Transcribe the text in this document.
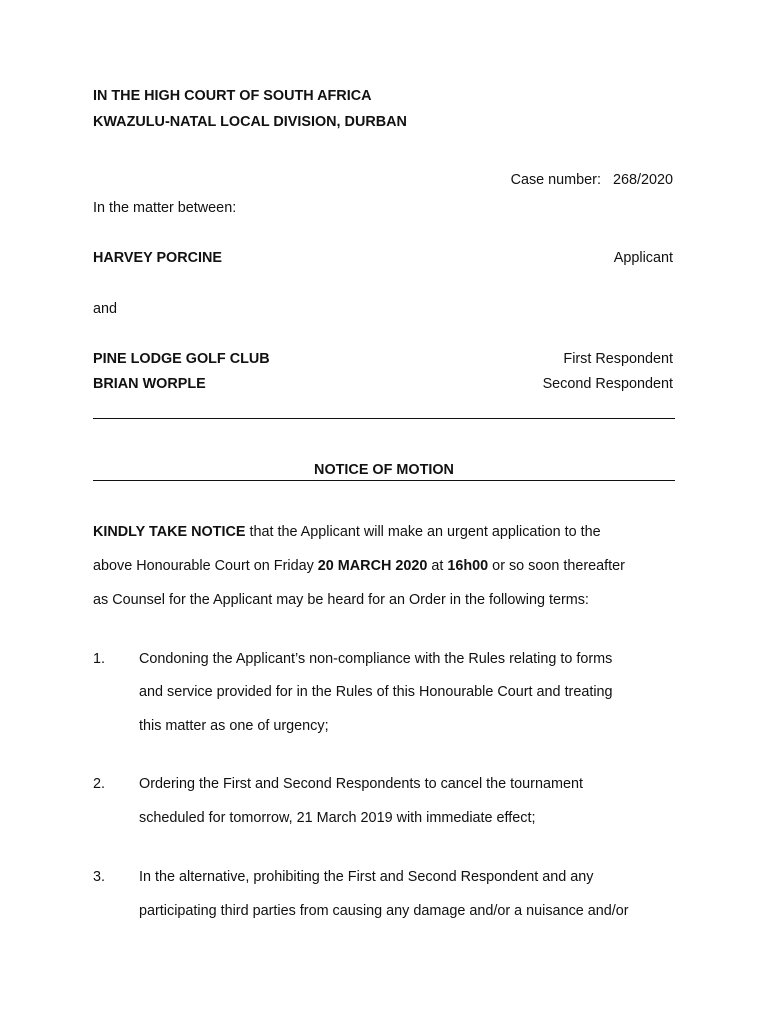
IN THE HIGH COURT OF SOUTH AFRICA
KWAZULU-NATAL LOCAL DIVISION, DURBAN
Case number: 268/2020
In the matter between:
HARVEY PORCINE	Applicant
and
PINE LODGE GOLF CLUB	First Respondent
BRIAN WORPLE	Second Respondent
NOTICE OF MOTION
KINDLY TAKE NOTICE that the Applicant will make an urgent application to the
above Honourable Court on Friday 20 MARCH 2020 at 16h00 or so soon thereafter
as Counsel for the Applicant may be heard for an Order in the following terms:
1. Condoning the Applicant’s non-compliance with the Rules relating to forms
and service provided for in the Rules of this Honourable Court and treating
this matter as one of urgency;
2. Ordering the First and Second Respondents to cancel the tournament
scheduled for tomorrow, 21 March 2019 with immediate effect;
3. In the alternative, prohibiting the First and Second Respondent and any
participating third parties from causing any damage and/or a nuisance and/or
